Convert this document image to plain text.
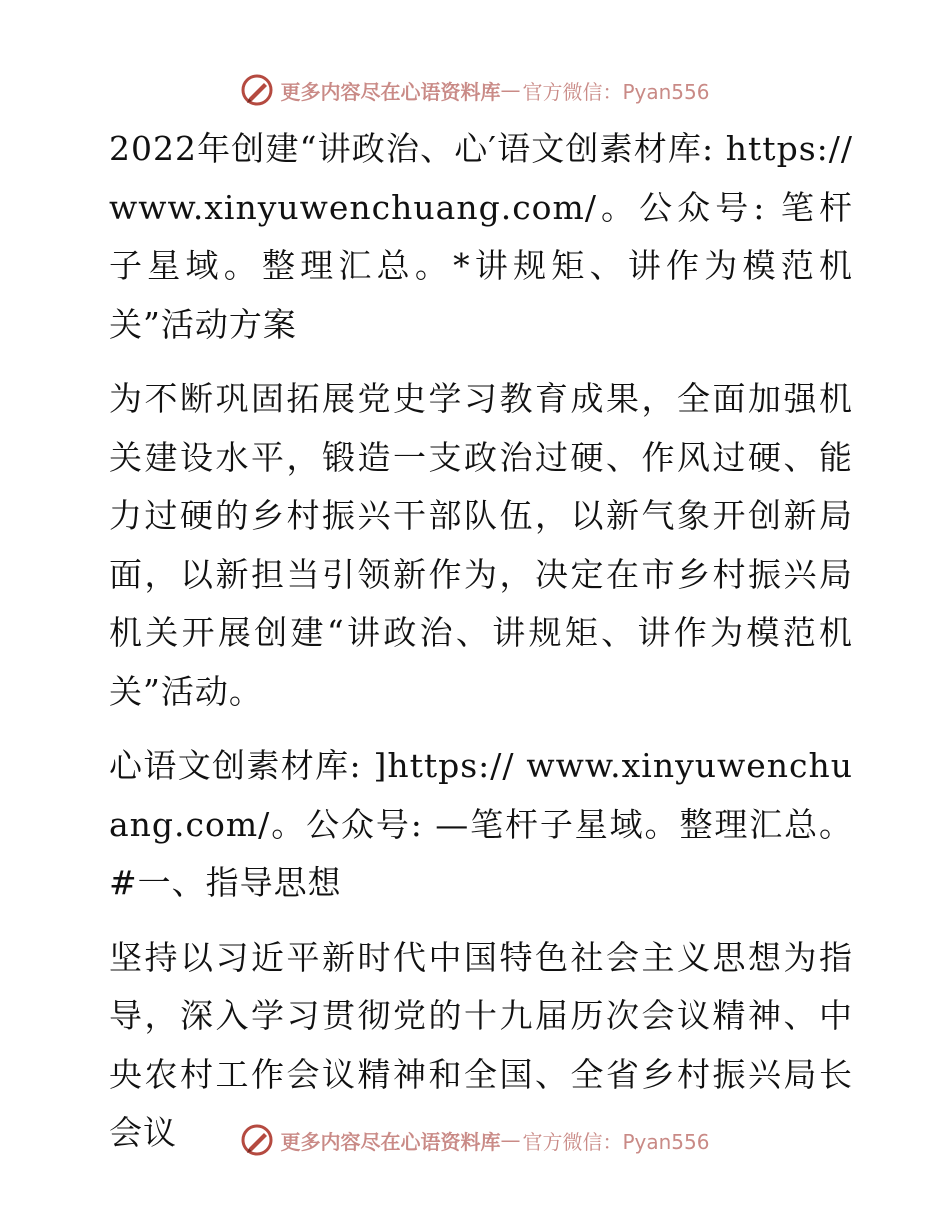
更多内容尽在心语资料库 — 官方微信：Pyan556

2022年创建“讲政治、心′语文创素材库: https://www.xinyuwenchuang.com/。公众号: 笔杆子星域。整理汇总。*讲规矩、讲作为模范机关”活动方案

为不断巩固拓展党史学习教育成果，全面加强机关建设水平，锻造一支政治过硬、作风过硬、能力过硬的乡村振兴干部队伍，以新气象开创新局面，以新担当引领新作为，决定在市乡村振兴局机关开展创建“讲政治、讲规矩、讲作为模范机关”活动。

心语文创素材库: ]https:// www.xinyuwenchuang.com/。公众号: —笔杆子星域。整理汇总。#一、指导思想

坚持以习近平新时代中国特色社会主义思想为指导，深入学习贯彻党的十九届历次会议精神、中央农村工作会议精神和全国、全省乡村振兴局长会议	更多内容尽在心语资料库 — 官方微信：Pyan556
